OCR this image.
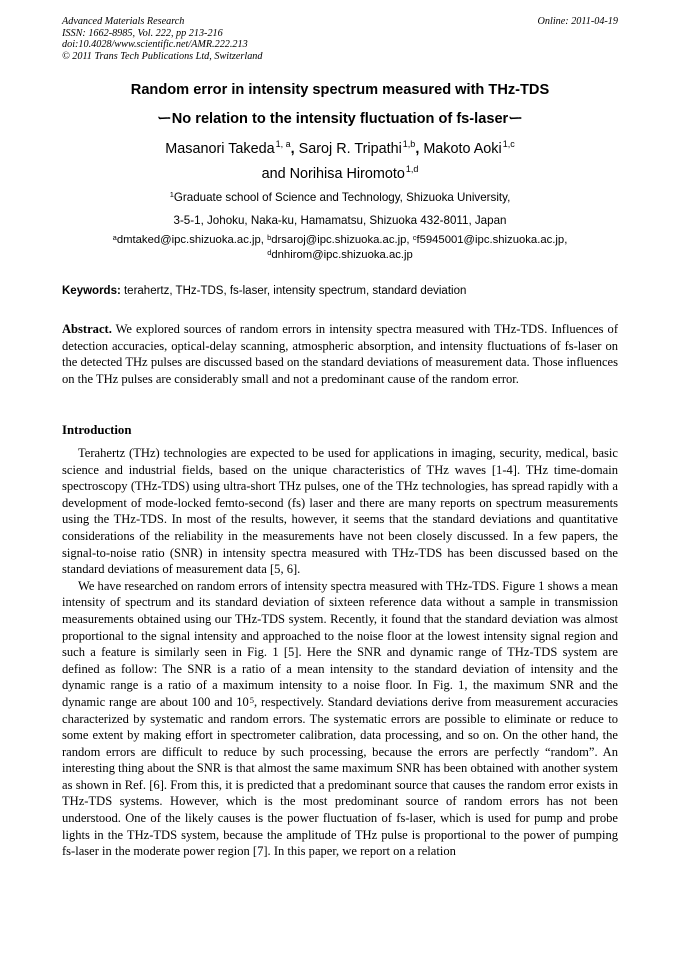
Advanced Materials Research
ISSN: 1662-8985, Vol. 222, pp 213-216
doi:10.4028/www.scientific.net/AMR.222.213
© 2011 Trans Tech Publications Ltd, Switzerland
Online: 2011-04-19
Random error in intensity spectrum measured with THz-TDS
ーNo relation to the intensity fluctuation of fs-laserー
Masanori Takeda$^{1, a}$, Saroj R. Tripathi$^{1,b}$, Makoto Aoki$^{1,c}$
and Norihisa Hiromoto$^{1,d}$
$^1$Graduate school of Science and Technology, Shizuoka University,
3-5-1, Johoku, Naka-ku, Hamamatsu, Shizuoka 432-8011, Japan
$^a$dmtaked@ipc.shizuoka.ac.jp, $^b$drsaroj@ipc.shizuoka.ac.jp, $^c$f5945001@ipc.shizuoka.ac.jp,
$^d$dnhirom@ipc.shizuoka.ac.jp
Keywords: terahertz, THz-TDS, fs-laser, intensity spectrum, standard deviation

Abstract. We explored sources of random errors in intensity spectra measured with THz-TDS. Influences of detection accuracies, optical-delay scanning, atmospheric absorption, and intensity fluctuations of fs-laser on the detected THz pulses are discussed based on the standard deviations of measurement data. Those influences on the THz pulses are considerably small and not a predominant cause of the random error.

Introduction

Terahertz (THz) technologies are expected to be used for applications in imaging, security, medical, basic science and industrial fields, based on the unique characteristics of THz waves [1-4]. THz time-domain spectroscopy (THz-TDS) using ultra-short THz pulses, one of the THz technologies, has spread rapidly with a development of mode-locked femto-second (fs) laser and there are many reports on spectrum measurements using the THz-TDS. In most of the results, however, it seems that the standard deviations and quantitative considerations of the reliability in the measurements have not been closely discussed. In a few papers, the signal-to-noise ratio (SNR) in intensity spectra measured with THz-TDS has been discussed based on the standard deviations of measurement data [5, 6].

We have researched on random errors of intensity spectra measured with THz-TDS. Figure 1 shows a mean intensity of spectrum and its standard deviation of sixteen reference data without a sample in transmission measurements obtained using our THz-TDS system. Recently, it found that the standard deviation was almost proportional to the signal intensity and approached to the noise floor at the lowest intensity signal region and such a feature is similarly seen in Fig. 1 [5]. Here the SNR and dynamic range of THz-TDS system are defined as follow: The SNR is a ratio of a mean intensity to the standard deviation of intensity and the dynamic range is a ratio of a maximum intensity to a noise floor. In Fig. 1, the maximum SNR and the dynamic range are about 100 and $10^5$, respectively. Standard deviations derive from measurement accuracies characterized by systematic and random errors. The systematic errors are possible to eliminate or reduce to some extent by making effort in spectrometer calibration, data processing, and so on. On the other hand, the random errors are difficult to reduce by such processing, because the errors are perfectly “random”. An interesting thing about the SNR is that almost the same maximum SNR has been obtained with another system as shown in Ref. [6]. From this, it is predicted that a predominant source that causes the random error exists in THz-TDS systems. However, which is the most predominant source of random errors has not been understood. One of the likely causes is the power fluctuation of fs-laser, which is used for pump and probe lights in the THz-TDS system, because the amplitude of THz pulse is proportional to the power of pumping fs-laser in the moderate power region [7]. In this paper, we report on a relation
